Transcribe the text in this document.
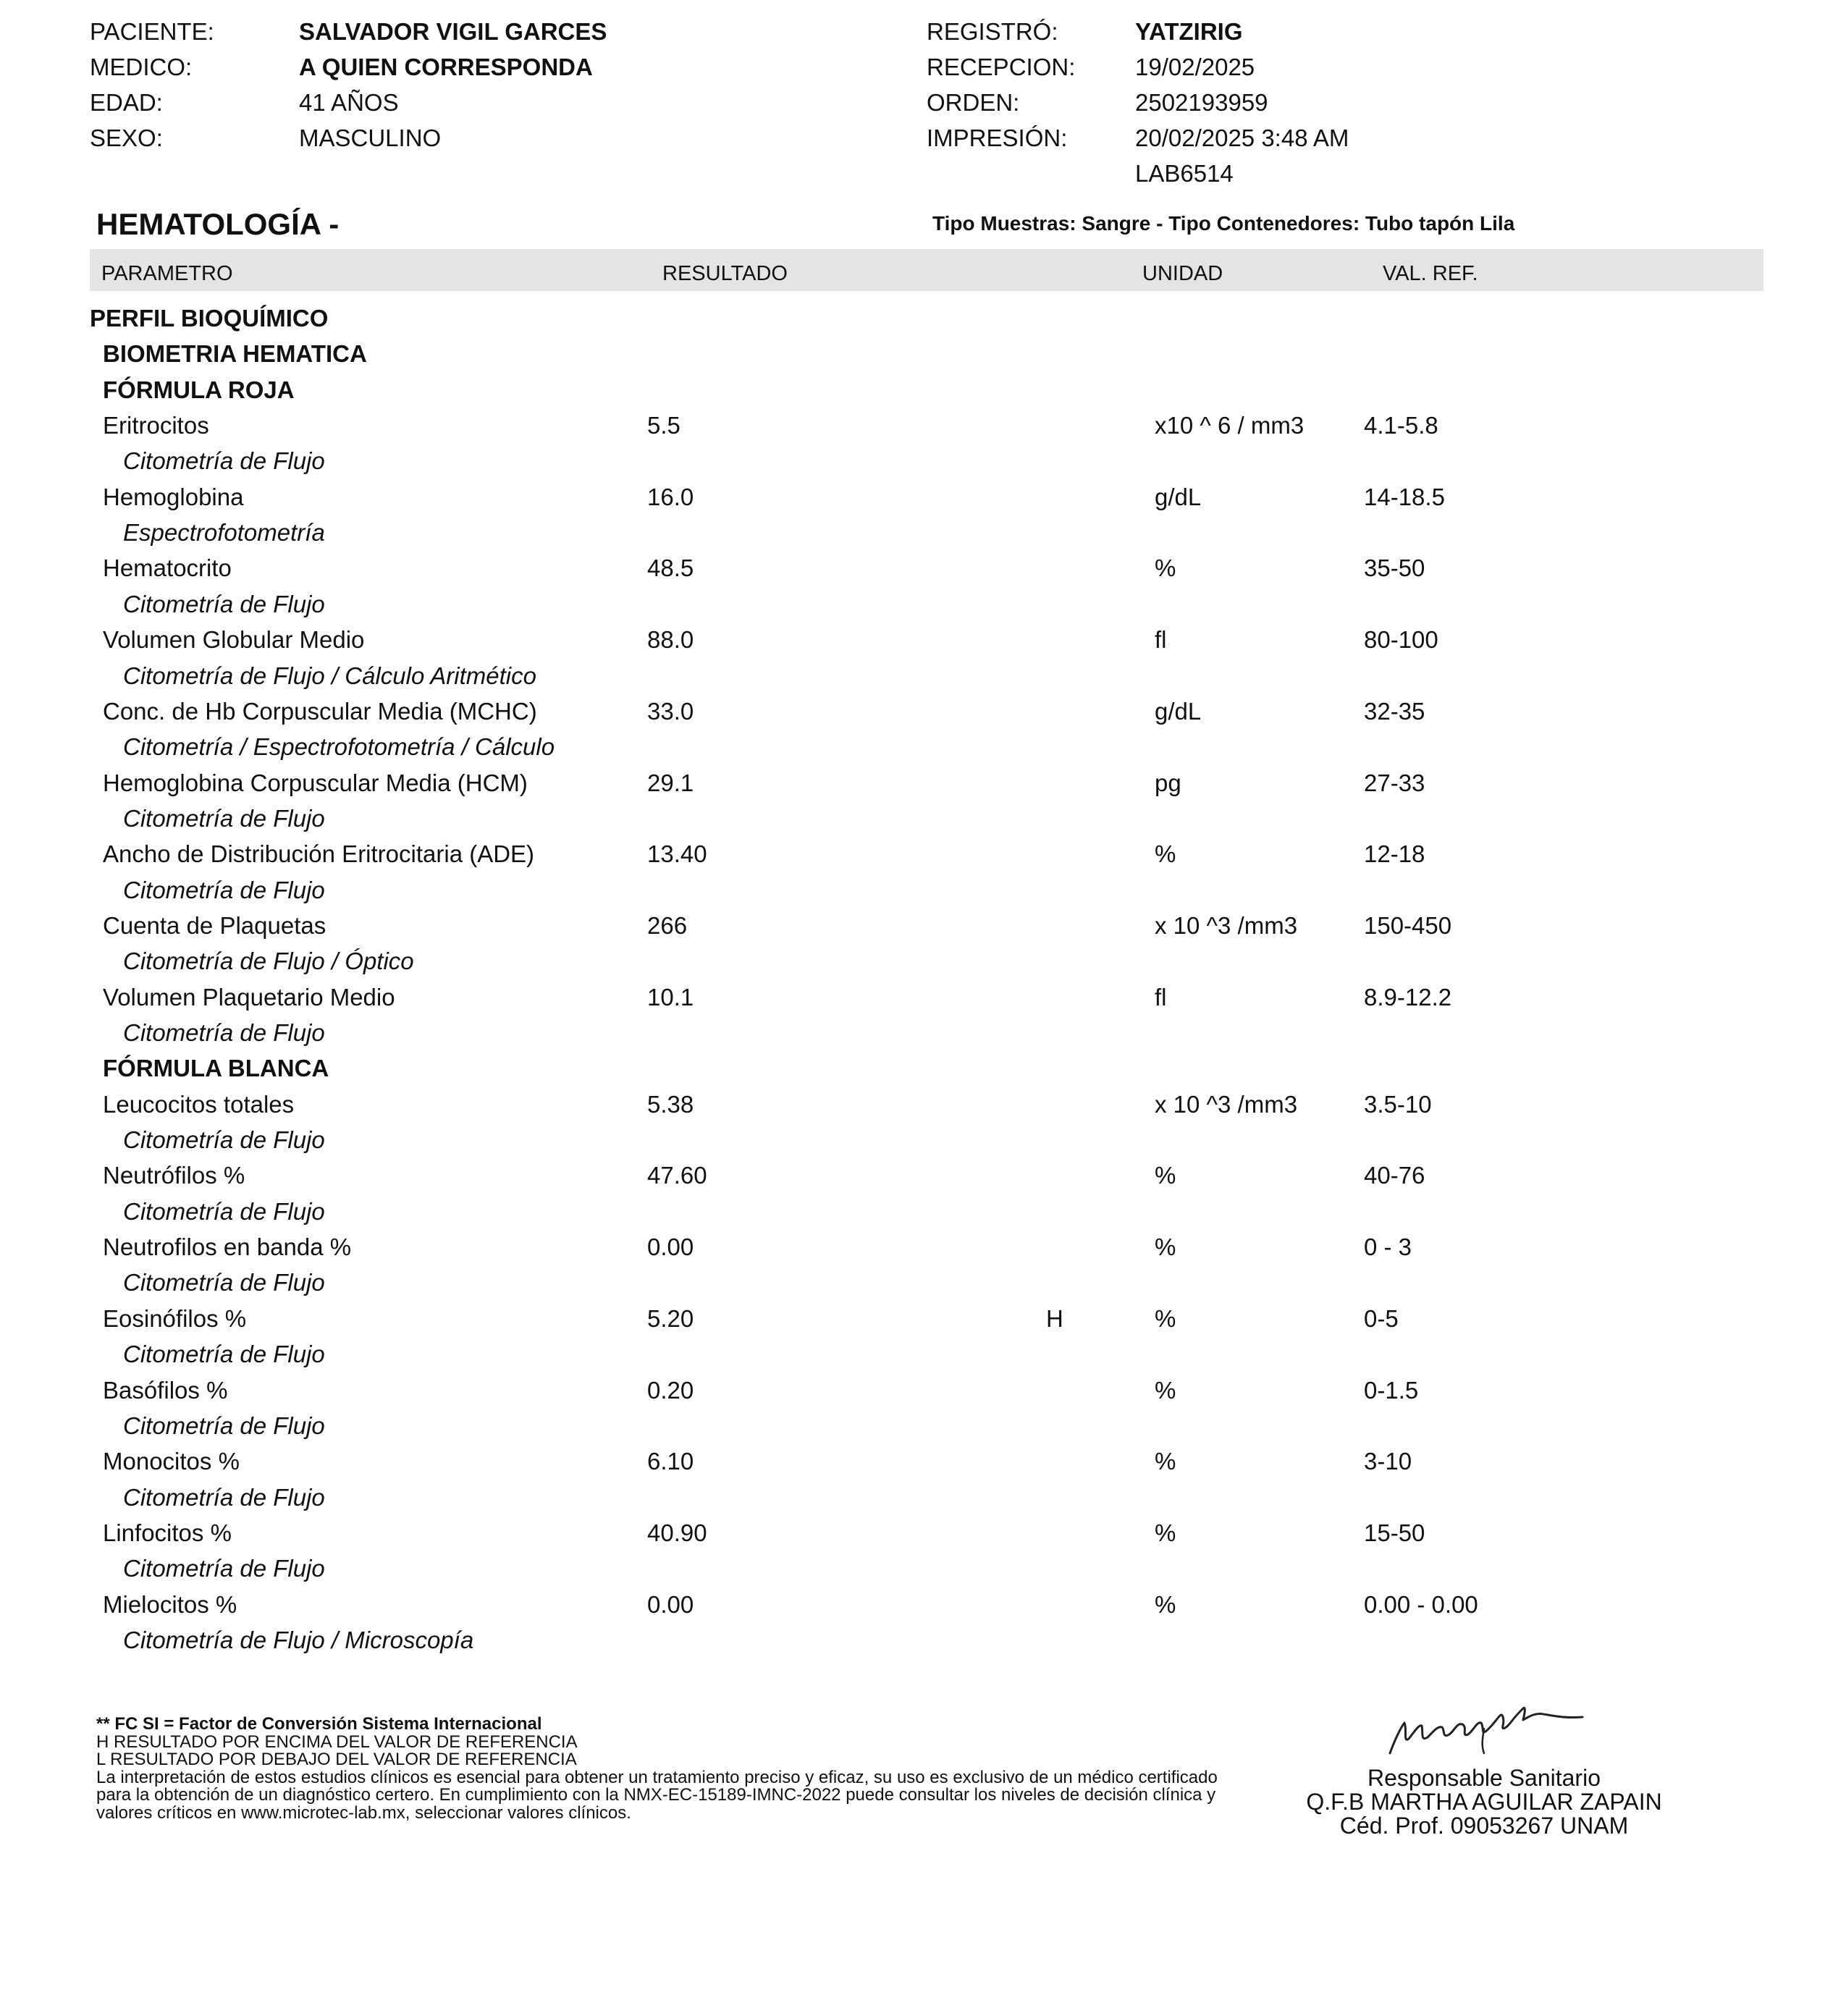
PACIENTE:	SALVADOR VIGIL GARCES
MEDICO:	A QUIEN CORRESPONDA
EDAD:	41 AÑOS
SEXO:	MASCULINO
REGISTRÓ:	YATZIRIG
RECEPCION:	19/02/2025
ORDEN:	2502193959
IMPRESIÓN:	20/02/2025 3:48 AM
LAB6514
HEMATOLOGÍA -	Tipo Muestras: Sangre - Tipo Contenedores: Tubo tapón Lila
PARAMETRO	RESULTADO	UNIDAD	VAL. REF.
PERFIL BIOQUÍMICO
BIOMETRIA HEMATICA
FÓRMULA ROJA
Eritrocitos	5.5	x10 ^ 6 / mm3	4.1-5.8
Citometría de Flujo
Hemoglobina	16.0	g/dL	14-18.5
Espectrofotometría
Hematocrito	48.5	%	35-50
Citometría de Flujo
Volumen Globular Medio	88.0	fl	80-100
Citometría de Flujo / Cálculo Aritmético
Conc. de Hb Corpuscular Media (MCHC)	33.0	g/dL	32-35
Citometría / Espectrofotometría / Cálculo
Hemoglobina Corpuscular Media (HCM)	29.1	pg	27-33
Citometría de Flujo
Ancho de Distribución Eritrocitaria (ADE)	13.40	%	12-18
Citometría de Flujo
Cuenta de Plaquetas	266	x 10 ^3 /mm3	150-450
Citometría de Flujo / Óptico
Volumen Plaquetario Medio	10.1	fl	8.9-12.2
Citometría de Flujo
FÓRMULA BLANCA
Leucocitos totales	5.38	x 10 ^3 /mm3	3.5-10
Citometría de Flujo
Neutrófilos %	47.60	%	40-76
Citometría de Flujo
Neutrofilos en banda %	0.00	%	0 - 3
Citometría de Flujo
Eosinófilos %	5.20	H	%	0-5
Citometría de Flujo
Basófilos %	0.20	%	0-1.5
Citometría de Flujo
Monocitos %	6.10	%	3-10
Citometría de Flujo
Linfocitos %	40.90	%	15-50
Citometría de Flujo
Mielocitos %	0.00	%	0.00 - 0.00
Citometría de Flujo / Microscopía
** FC SI = Factor de Conversión Sistema Internacional
H RESULTADO POR ENCIMA DEL VALOR DE REFERENCIA
L RESULTADO POR DEBAJO DEL VALOR DE REFERENCIA
La interpretación de estos estudios clínicos es esencial para obtener un tratamiento preciso y eficaz, su uso es exclusivo de un médico certificado para la obtención de un diagnóstico certero. En cumplimiento con la NMX-EC-15189-IMNC-2022 puede consultar los niveles de decisión clínica y valores críticos en www.microtec-lab.mx, seleccionar valores clínicos.
Responsable Sanitario
Q.F.B MARTHA AGUILAR ZAPAIN
Céd. Prof. 09053267 UNAM
